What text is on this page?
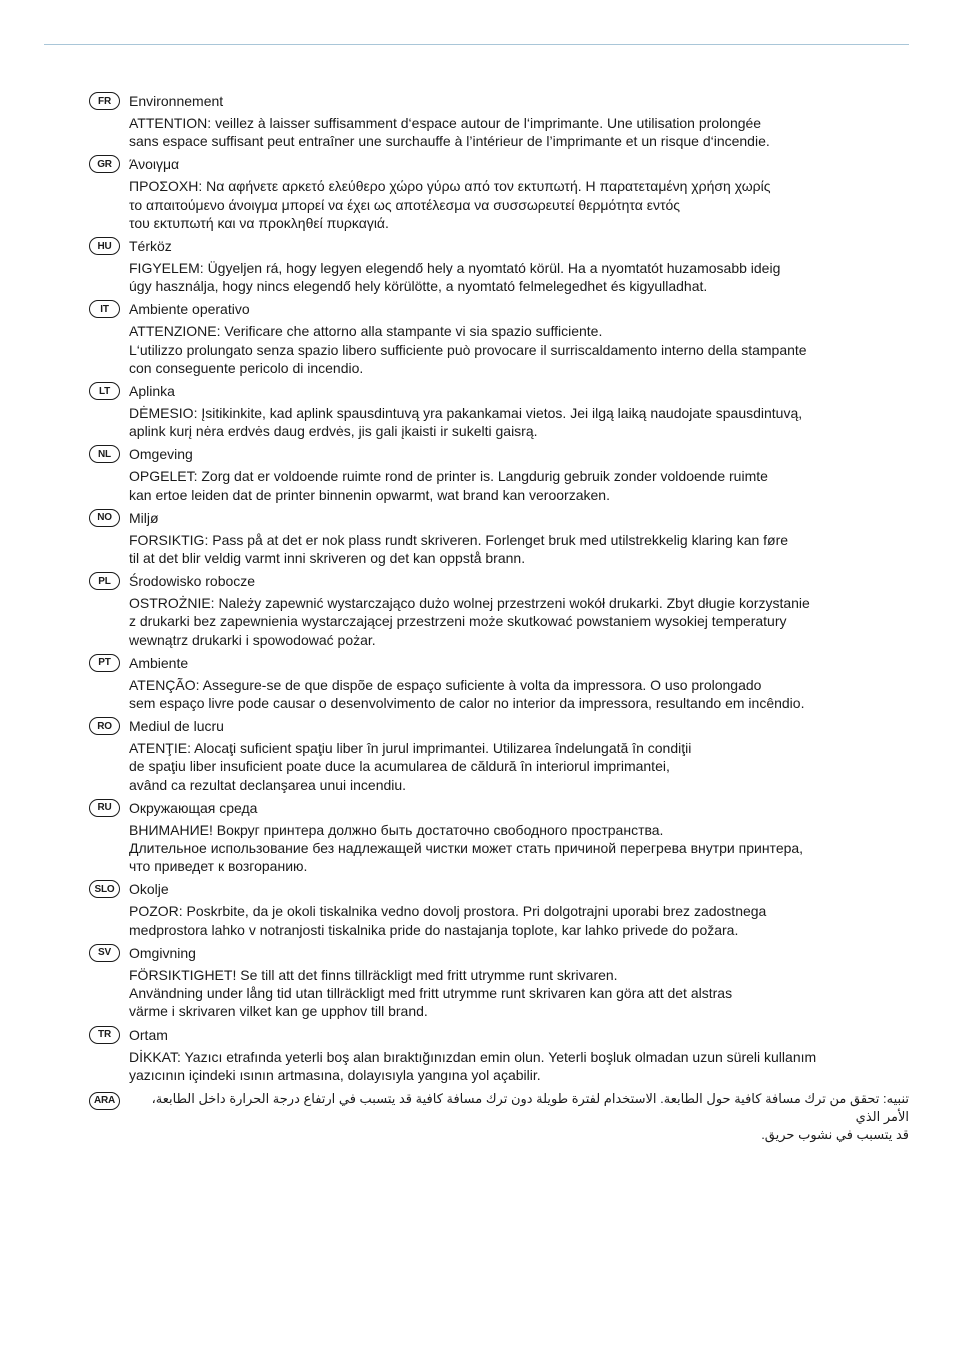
FR	Environnement
ATTENTION: veillez à laisser suffisamment d‘espace autour de l‘imprimante. Une utilisation prolongée
sans espace suffisant peut entraîner une surchauffe à l’intérieur de l’imprimante et un risque d‘incendie.
GR	Άνοιγμα
ΠΡΟΣΟΧΗ: Να αφήνετε αρκετό ελεύθερο χώρο γύρω από τον εκτυπωτή. Η παρατεταμένη χρήση χωρίς
το απαιτούμενο άνοιγμα μπορεί να έχει ως αποτέλεσμα να συσσωρευτεί θερμότητα εντός
του εκτυπωτή και να προκληθεί πυρκαγιά.
HU	Térköz
FIGYELEM: Ügyeljen rá, hogy legyen elegendő hely a nyomtató körül. Ha a nyomtatót huzamosabb ideig
úgy használja, hogy nincs elegendő hely körülötte, a nyomtató felmelegedhet és kigyulladhat.
IT	Ambiente operativo
ATTENZIONE: Verificare che attorno alla stampante vi sia spazio sufficiente.
L‘utilizzo prolungato senza spazio libero sufficiente può provocare il surriscaldamento interno della stampante
con conseguente pericolo di incendio.
LT	Aplinka
DĖMESIO: Įsitikinkite, kad aplink spausdintuvą yra pakankamai vietos. Jei ilgą laiką naudojate spausdintuvą,
aplink kurį nėra erdvės daug erdvės, jis gali įkaisti ir sukelti gaisrą.
NL	Omgeving
OPGELET: Zorg dat er voldoende ruimte rond de printer is. Langdurig gebruik zonder voldoende ruimte
kan ertoe leiden dat de printer binnenin opwarmt, wat brand kan veroorzaken.
NO	Miljø
FORSIKTIG: Pass på at det er nok plass rundt skriveren. Forlenget bruk med utilstrekkelig klaring kan føre
til at det blir veldig varmt inni skriveren og det kan oppstå brann.
PL	Środowisko robocze
OSTROŻNIE: Należy zapewnić wystarczająco dużo wolnej przestrzeni wokół drukarki. Zbyt długie korzystanie
z drukarki bez zapewnienia wystarczającej przestrzeni może skutkować powstaniem wysokiej temperatury
wewnątrz drukarki i spowodować pożar.
PT	Ambiente
ATENÇÃO: Assegure-se de que dispõe de espaço suficiente à volta da impressora. O uso prolongado
sem espaço livre pode causar o desenvolvimento de calor no interior da impressora, resultando em incêndio.
RO	Mediul de lucru
ATENŢIE: Alocaţi suficient spaţiu liber în jurul imprimantei. Utilizarea îndelungată în condiţii
de spaţiu liber insuficient poate duce la acumularea de căldură în interiorul imprimantei,
având ca rezultat declanşarea unui incendiu.
RU	Окружающая среда
ВНИМАНИЕ! Вокруг принтера должно быть достаточно свободного пространства.
Длительное использование без надлежащей чистки может стать причиной перегрева внутри принтера,
что приведет к возгоранию.
SLO	Okolje
POZOR: Poskrbite, da je okoli tiskalnika vedno dovolj prostora. Pri dolgotrajni uporabi brez zadostnega
medprostora lahko v notranjosti tiskalnika pride do nastajanja toplote, kar lahko privede do požara.
SV	Omgivning
FÖRSIKTIGHET! Se till att det finns tillräckligt med fritt utrymme runt skrivaren.
Användning under lång tid utan tillräckligt med fritt utrymme runt skrivaren kan göra att det alstras
värme i skrivaren vilket kan ge upphov till brand.
TR	Ortam
DİKKAT: Yazıcı etrafında yeterli boş alan bıraktığınızdan emin olun. Yeterli boşluk olmadan uzun süreli kullanım
yazıcının içindeki ısının artmasına, dolayısıyla yangına yol açabilir.
ARA	تنبيه: تحقق من ترك مسافة كافية حول الطابعة. الاستخدام لفترة طويلة دون ترك مسافة كافية قد يتسبب في ارتفاع درجة الحرارة داخل الطابعة، الأمر الذي
قد يتسبب في نشوب حريق.
